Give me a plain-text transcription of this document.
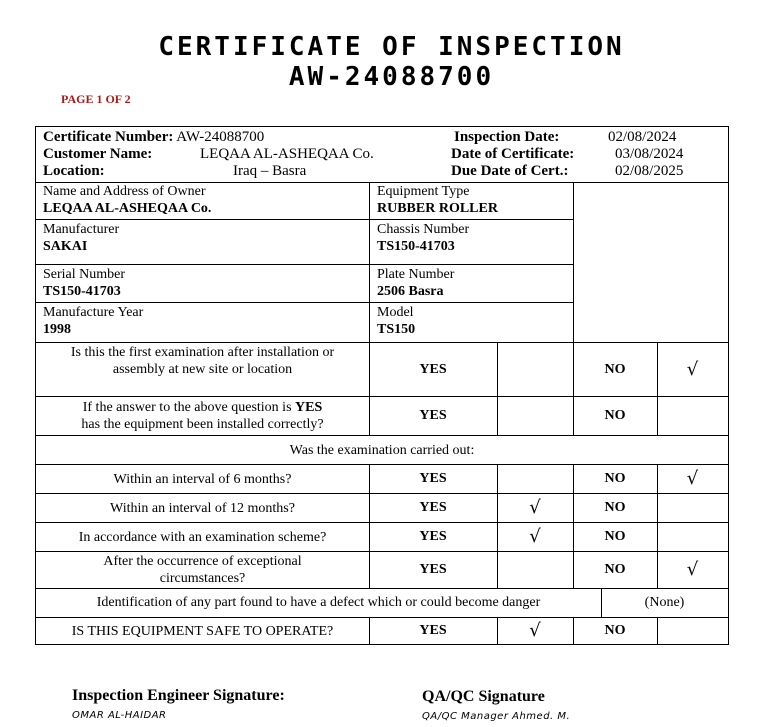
CERTIFICATE OF INSPECTION
AW-24088700
PAGE 1 OF 2
Certificate Number: AW-24088700
Customer Name:	LEQAA AL-ASHEQAA Co.
Location:	Iraq – Basra
Inspection Date:	02/08/2024
Date of Certificate:	03/08/2024
Due Date of Cert.:	02/08/2025
Name and Address of Owner
LEQAA AL-ASHEQAA Co.
Equipment Type
RUBBER ROLLER
Manufacturer
SAKAI
Chassis Number
TS150-41703
Serial Number
TS150-41703
Plate Number
2506 Basra
Manufacture Year
1998
Model
TS150
Is this the first examination after installation or assembly at new site or location	YES	NO	√
If the answer to the above question is YES
has the equipment been installed correctly?
YES	NO
Was the examination carried out:
Within an interval of 6 months?	YES	NO	√
Within an interval of 12 months?	YES	√	NO
In accordance with an examination scheme?	YES	√	NO
After the occurrence of exceptional circumstances?
YES	NO	√
Identification of any part found to have a defect which or could become danger	(None)
IS THIS EQUIPMENT SAFE TO OPERATE?	YES	√	NO
Inspection Engineer Signature:
OMAR AL-HAIDAR
QA/QC Signature
QA/QC Manager Ahmed. M.
